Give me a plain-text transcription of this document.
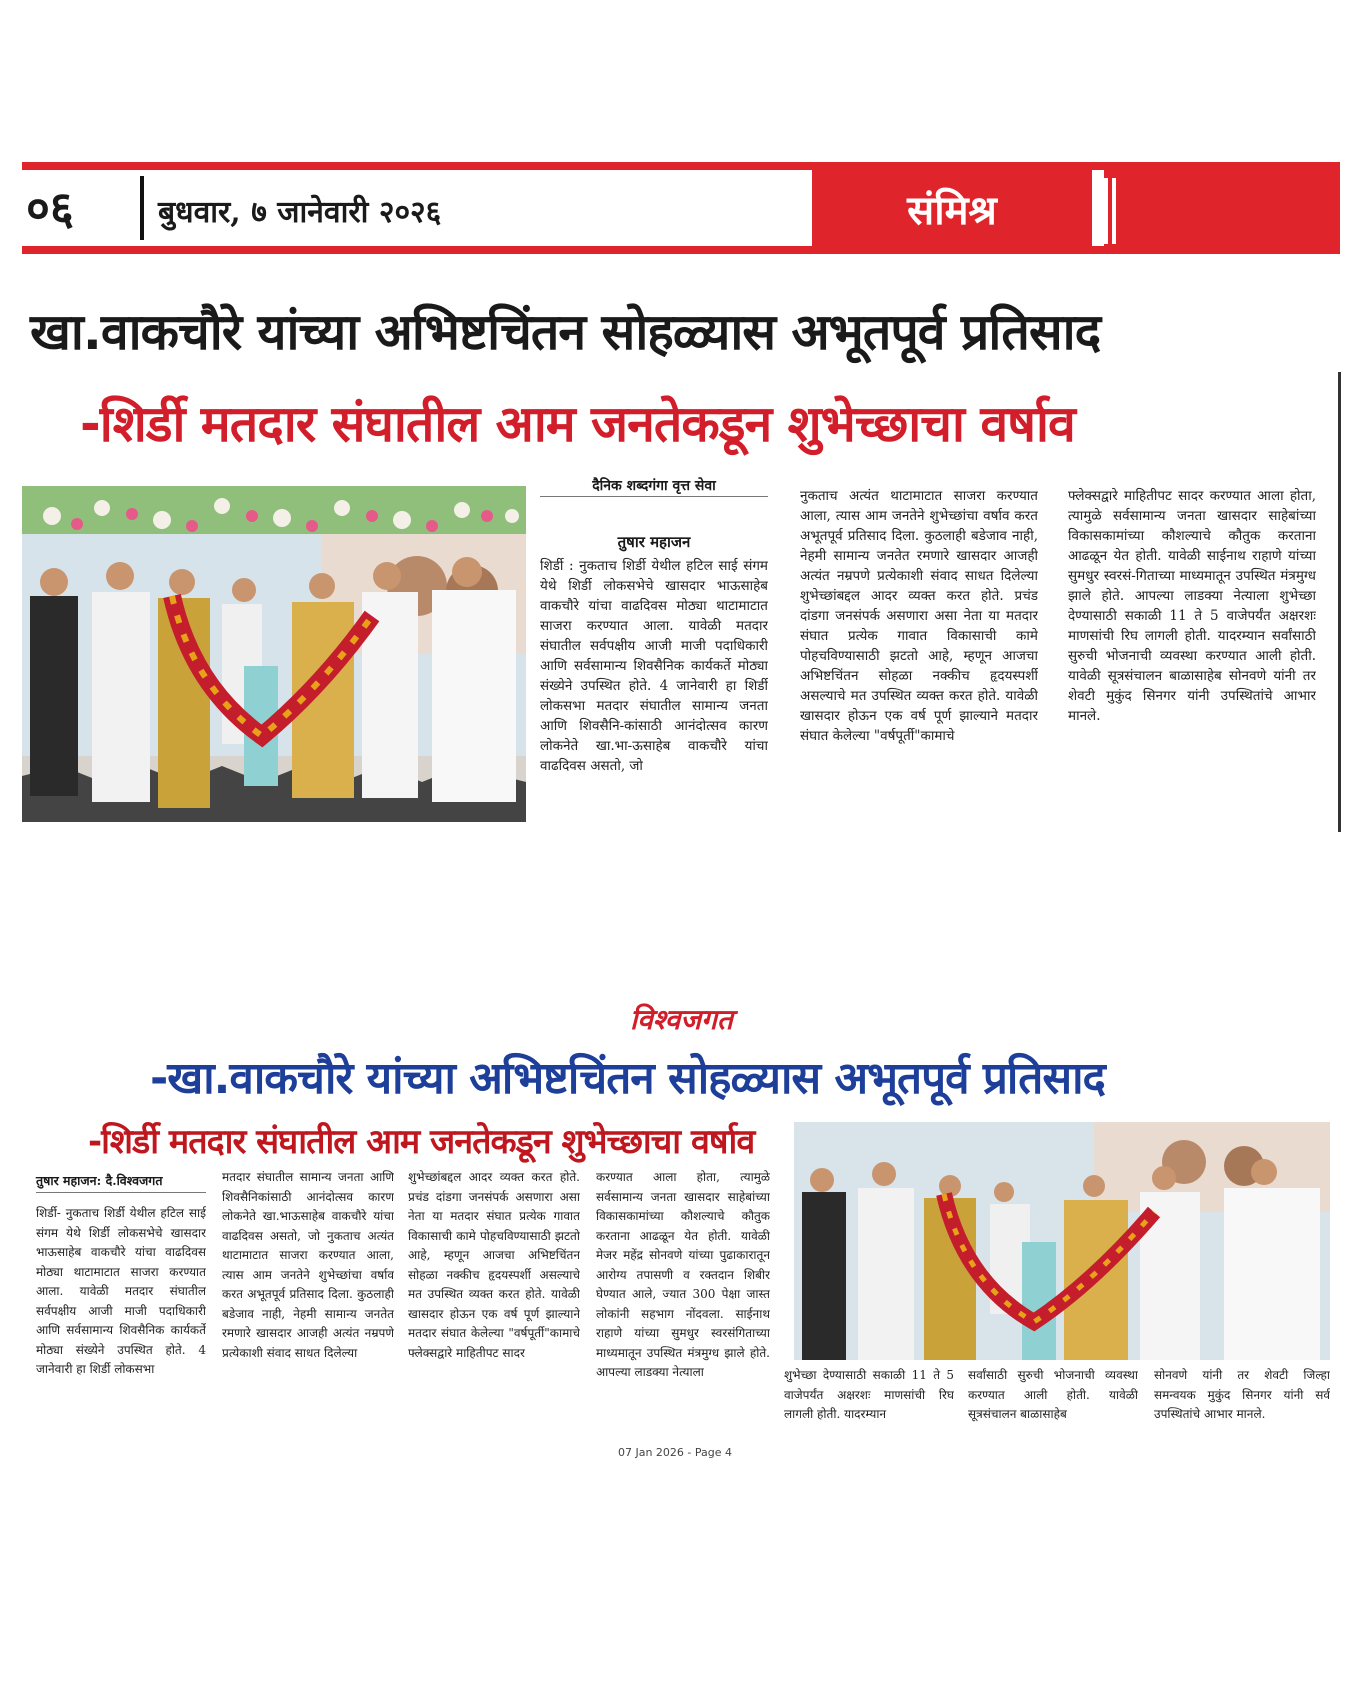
०६	बुधवार, ७ जानेवारी २०२६	संमिश्र
खा.वाकचौरे यांच्या अभिष्टचिंतन सोहळ्यास अभूतपूर्व प्रतिसाद
-शिर्डी मतदार संघातील आम जनतेकडून शुभेच्छाचा वर्षाव
दैनिक शब्दगंगा वृत्त सेवा
तुषार महाजन
शिर्डी : नुकताच शिर्डी येथील हटिल साई संगम येथे शिर्डी लोकसभेचे खासदार भाऊसाहेब वाकचौरे यांचा वाढदिवस मोठ्या थाटामाटात साजरा करण्यात आला. यावेळी मतदार संघातील सर्वपक्षीय आजी माजी पदाधिकारी आणि सर्वसामान्य शिवसैनिक कार्यकर्ते मोठ्या संख्येने उपस्थित होते. 4 जानेवारी हा शिर्डी लोकसभा मतदार संघातील सामान्य जनता आणि शिवसैनि-कांसाठी आनंदोत्सव कारण लोकनेते खा.भा-ऊसाहेब वाकचौरे यांचा वाढदिवस असतो, जो
नुकताच अत्यंत थाटामाटात साजरा करण्यात आला, त्यास आम जनतेने शुभेच्छांचा वर्षाव करत अभूतपूर्व प्रतिसाद दिला. कुठलाही बडेजाव नाही, नेहमी सामान्य जनतेत रमणारे खासदार आजही अत्यंत नम्रपणे प्रत्येकाशी संवाद साधत दिलेल्या शुभेच्छांबद्दल आदर व्यक्त करत होते. प्रचंड दांडगा जनसंपर्क असणारा असा नेता या मतदार संघात प्रत्येक गावात विकासाची कामे पोहचविण्यासाठी झटतो आहे, म्हणून आजचा अभिष्टचिंतन सोहळा नक्कीच हृदयस्पर्शी असल्याचे मत उपस्थित व्यक्त करत होते. यावेळी खासदार होऊन एक वर्ष पूर्ण झाल्याने मतदार संघात केलेल्या "वर्षपूर्ती"कामाचे
फ्लेक्सद्वारे माहितीपट सादर करण्यात आला होता, त्यामुळे सर्वसामान्य जनता खासदार साहेबांच्या विकासकामांच्या कौशल्याचे कौतुक करताना आढळून येत होती. यावेळी साईनाथ राहाणे यांच्या सुमधुर स्वरसं-गिताच्या माध्यमातून उपस्थित मंत्रमुग्ध झाले होते. आपल्या लाडक्या नेत्याला शुभेच्छा देण्यासाठी सकाळी 11 ते 5 वाजेपर्यंत अक्षरशः माणसांची रिघ लागली होती. यादरम्यान सर्वांसाठी सुरुची भोजनाची व्यवस्था करण्यात आली होती. यावेळी सूत्रसंचालन बाळासाहेब सोनवणे यांनी तर शेवटी मुकुंद सिनगर यांनी उपस्थितांचे आभार मानले.
विश्वजगत
-खा.वाकचौरे यांच्या अभिष्टचिंतन सोहळ्यास अभूतपूर्व प्रतिसाद
-शिर्डी मतदार संघातील आम जनतेकडून शुभेच्छाचा वर्षाव
तुषार महाजन: दै.विश्वजगत
शिर्डी- नुकताच शिर्डी येथील हटिल साई संगम येथे शिर्डी लोकसभेचे खासदार भाऊसाहेब वाकचौरे यांचा वाढदिवस मोठ्या थाटामाटात साजरा करण्यात आला. यावेळी मतदार संघातील सर्वपक्षीय आजी माजी पदाधिकारी आणि सर्वसामान्य शिवसैनिक कार्यकर्ते मोठ्या संख्येने उपस्थित होते. 4 जानेवारी हा शिर्डी लोकसभा
मतदार संघातील सामान्य जनता आणि शिवसैनिकांसाठी आनंदोत्सव कारण लोकनेते खा.भाऊसाहेब वाकचौरे यांचा वाढदिवस असतो, जो नुकताच अत्यंत थाटामाटात साजरा करण्यात आला, त्यास आम जनतेने शुभेच्छांचा वर्षाव करत अभूतपूर्व प्रतिसाद दिला. कुठलाही बडेजाव नाही, नेहमी सामान्य जनतेत रमणारे खासदार आजही अत्यंत नम्रपणे प्रत्येकाशी संवाद साधत दिलेल्या
शुभेच्छांबद्दल आदर व्यक्त करत होते. प्रचंड दांडगा जनसंपर्क असणारा असा नेता या मतदार संघात प्रत्येक गावात विकासाची कामे पोहचविण्यासाठी झटतो आहे, म्हणून आजचा अभिष्टचिंतन सोहळा नक्कीच हृदयस्पर्शी असल्याचे मत उपस्थित व्यक्त करत होते. यावेळी खासदार होऊन एक वर्ष पूर्ण झाल्याने मतदार संघात केलेल्या "वर्षपूर्ती"कामाचे फ्लेक्सद्वारे माहितीपट सादर
करण्यात आला होता, त्यामुळे सर्वसामान्य जनता खासदार साहेबांच्या विकासकामांच्या कौशल्याचे कौतुक करताना आढळून येत होती. यावेळी मेजर महेंद्र सोनवणे यांच्या पुढाकारातून आरोग्य तपासणी व रक्तदान शिबीर घेण्यात आले, ज्यात 300 पेक्षा जास्त लोकांनी सहभाग नोंदवला. साईनाथ राहाणे यांच्या सुमधुर स्वरसंगिताच्या माध्यमातून उपस्थित मंत्रमुग्ध झाले होते. आपल्या लाडक्या नेत्याला	शुभेच्छा देण्यासाठी सकाळी 11 ते 5 वाजेपर्यंत अक्षरशः माणसांची रिघ लागली होती. यादरम्यान
सर्वांसाठी सुरुची भोजनाची व्यवस्था करण्यात आली होती. यावेळी सूत्रसंचालन बाळासाहेब
सोनवणे यांनी तर शेवटी जिल्हा समन्वयक मुकुंद सिनगर यांनी सर्व उपस्थितांचे आभार मानले.
07 Jan 2026 - Page 4
